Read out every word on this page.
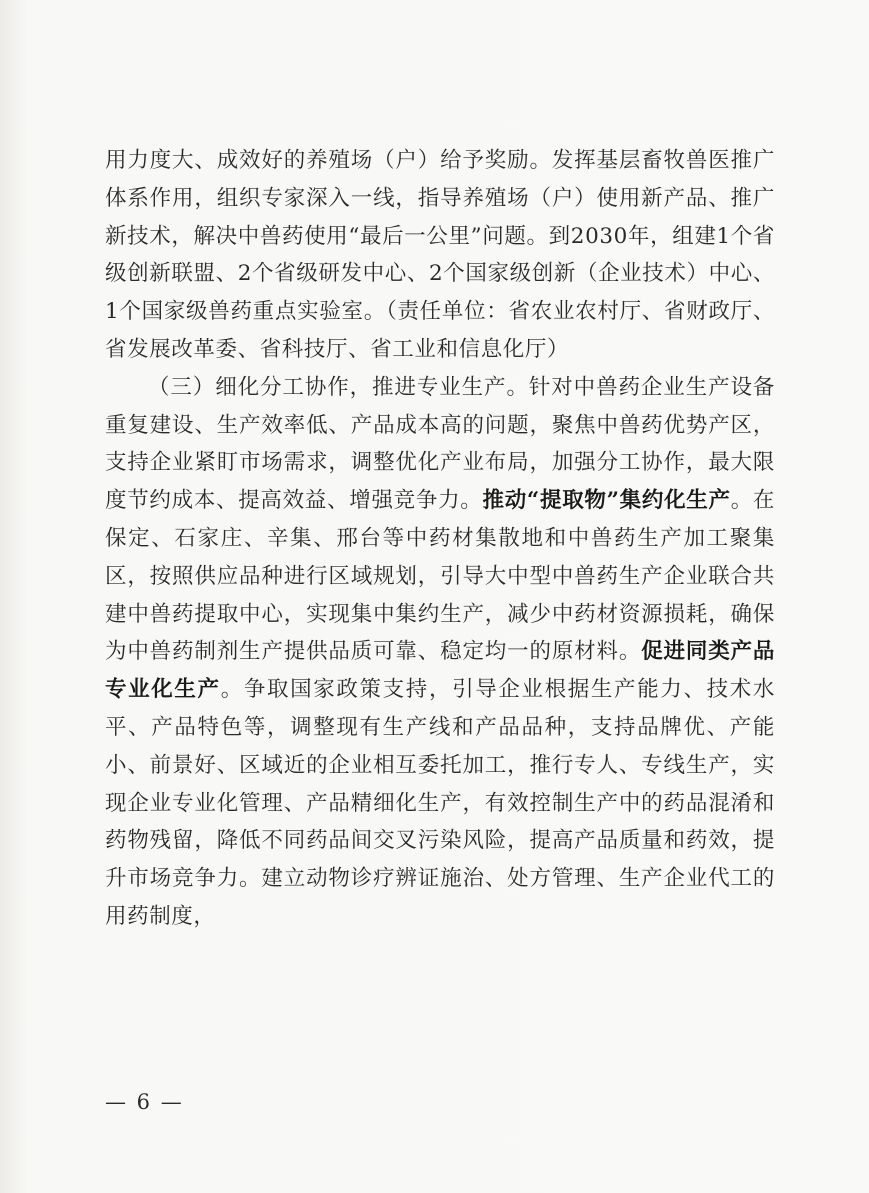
用力度大、成效好的养殖场（户）给予奖励。发挥基层畜牧兽医推广体系作用，组织专家深入一线，指导养殖场（户）使用新产品、推广新技术，解决中兽药使用“最后一公里”问题。到2030年，组建1个省级创新联盟、2个省级研发中心、2个国家级创新（企业技术）中心、1个国家级兽药重点实验室。（责任单位：省农业农村厅、省财政厅、省发展改革委、省科技厅、省工业和信息化厅）

（三）细化分工协作，推进专业生产。针对中兽药企业生产设备重复建设、生产效率低、产品成本高的问题，聚焦中兽药优势产区，支持企业紧盯市场需求，调整优化产业布局，加强分工协作，最大限度节约成本、提高效益、增强竞争力。推动“提取物”集约化生产。在保定、石家庄、辛集、邢台等中药材集散地和中兽药生产加工聚集区，按照供应品种进行区域规划，引导大中型中兽药生产企业联合共建中兽药提取中心，实现集中集约生产，减少中药材资源损耗，确保为中兽药制剂生产提供品质可靠、稳定均一的原材料。促进同类产品专业化生产。争取国家政策支持，引导企业根据生产能力、技术水平、产品特色等，调整现有生产线和产品品种，支持品牌优、产能小、前景好、区域近的企业相互委托加工，推行专人、专线生产，实现企业专业化管理、产品精细化生产，有效控制生产中的药品混淆和药物残留，降低不同药品间交叉污染风险，提高产品质量和药效，提升市场竞争力。建立动物诊疗辨证施治、处方管理、生产企业代工的用药制度，

— 6 —
